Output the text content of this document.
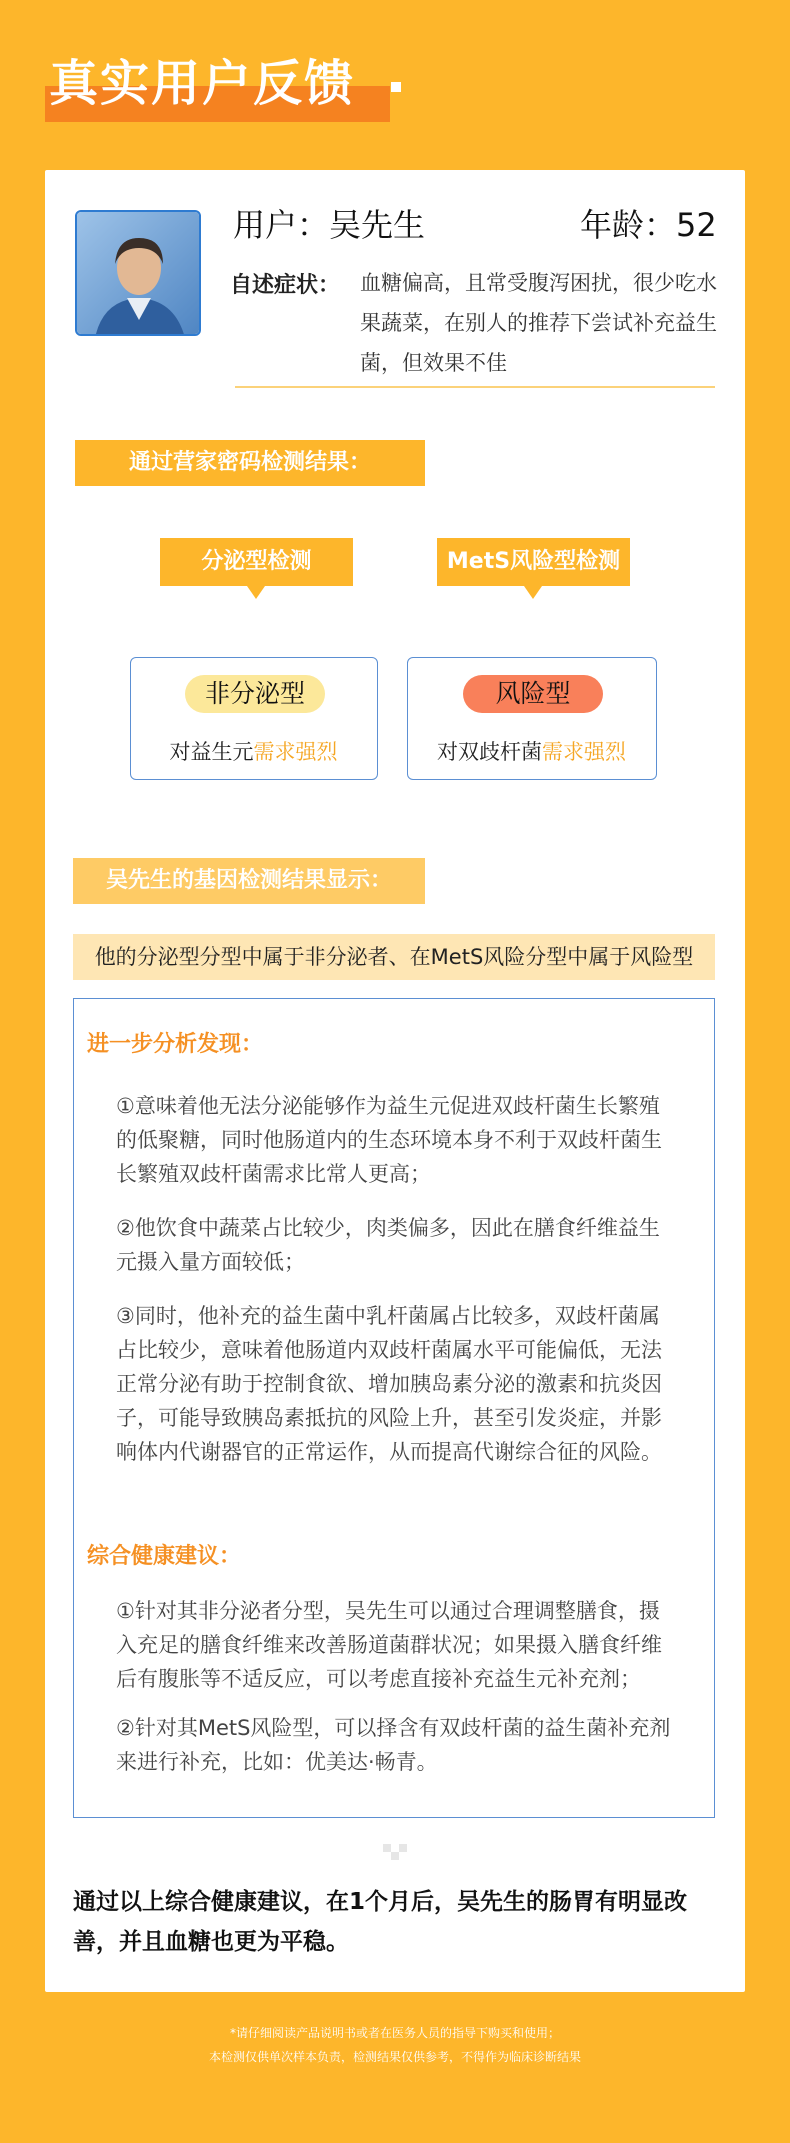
真实用户反馈
用户：吴先生	年龄：52
自述症状： 血糖偏高，且常受腹泻困扰，很少吃水果蔬菜，在别人的推荐下尝试补充益生菌，但效果不佳
通过营家密码检测结果：
分泌型检测	MetS风险型检测
非分泌型
对益生元需求强烈
风险型
对双歧杆菌需求强烈
吴先生的基因检测结果显示：
他的分泌型分型中属于非分泌者、在MetS风险分型中属于风险型
进一步分析发现：
①意味着他无法分泌能够作为益生元促进双歧杆菌生长繁殖的低聚糖，同时他肠道内的生态环境本身不利于双歧杆菌生长繁殖双歧杆菌需求比常人更高；
②他饮食中蔬菜占比较少，肉类偏多，因此在膳食纤维益生元摄入量方面较低；
③同时，他补充的益生菌中乳杆菌属占比较多，双歧杆菌属占比较少，意味着他肠道内双歧杆菌属水平可能偏低，无法正常分泌有助于控制食欲、增加胰岛素分泌的激素和抗炎因子，可能导致胰岛素抵抗的风险上升，甚至引发炎症，并影响体内代谢器官的正常运作，从而提高代谢综合征的风险。
综合健康建议：
①针对其非分泌者分型，吴先生可以通过合理调整膳食，摄入充足的膳食纤维来改善肠道菌群状况；如果摄入膳食纤维后有腹胀等不适反应，可以考虑直接补充益生元补充剂；
②针对其MetS风险型，可以择含有双歧杆菌的益生菌补充剂来进行补充，比如：优美达·畅青。
通过以上综合健康建议，在1个月后，吴先生的肠胃有明显改善，并且血糖也更为平稳。
*请仔细阅读产品说明书或者在医务人员的指导下购买和使用；
本检测仅供单次样本负责，检测结果仅供参考，不得作为临床诊断结果
